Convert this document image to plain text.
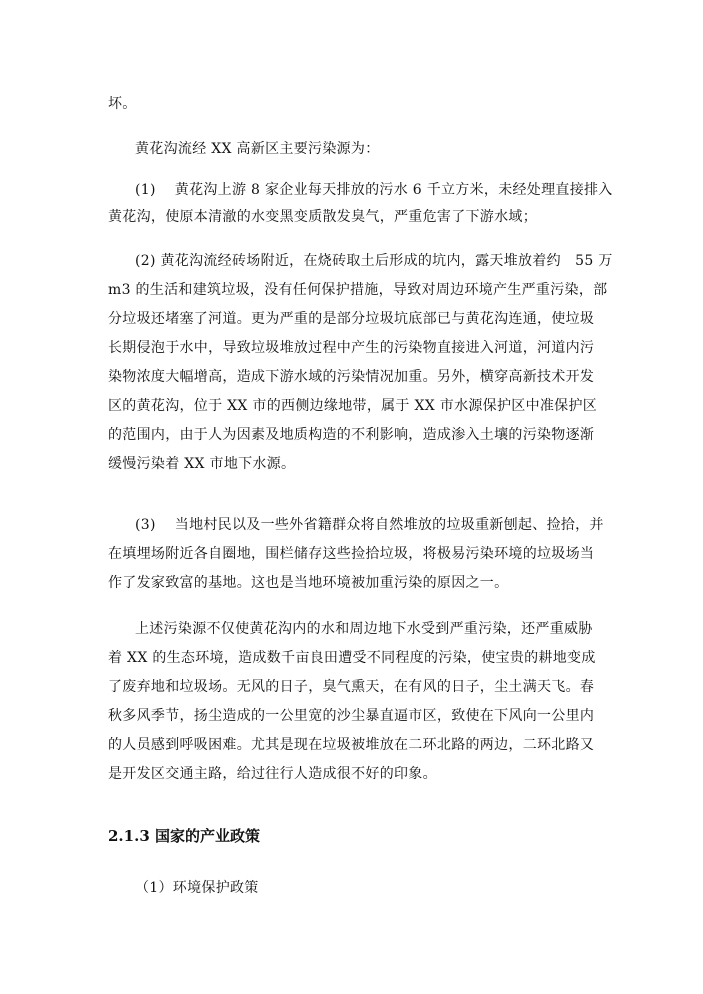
坏。
黄花沟流经 XX 高新区主要污染源为：
(1)　 黄花沟上游 8 家企业每天排放的污水 6 千立方米，未经处理直接排入
黄花沟，使原本清澈的水变黑变质散发臭气，严重危害了下游水域；
(2) 黄花沟流经砖场附近，在烧砖取土后形成的坑内，露天堆放着约　55 万
m3 的生活和建筑垃圾，没有任何保护措施，导致对周边环境产生严重污染，部
分垃圾还堵塞了河道。更为严重的是部分垃圾坑底部已与黄花沟连通，使垃圾
长期侵泡于水中，导致垃圾堆放过程中产生的污染物直接进入河道，河道内污
染物浓度大幅增高，造成下游水域的污染情况加重。另外，横穿高新技术开发
区的黄花沟，位于 XX 市的西侧边缘地带，属于 XX 市水源保护区中准保护区
的范围内，由于人为因素及地质构造的不利影响，造成渗入土壤的污染物逐渐
缓慢污染着 XX 市地下水源。
(3)　 当地村民以及一些外省籍群众将自然堆放的垃圾重新刨起、捡拾，并
在填埋场附近各自圈地，围栏储存这些捡拾垃圾，将极易污染环境的垃圾场当
作了发家致富的基地。这也是当地环境被加重污染的原因之一。
上述污染源不仅使黄花沟内的水和周边地下水受到严重污染，还严重威胁
着 XX 的生态环境，造成数千亩良田遭受不同程度的污染，使宝贵的耕地变成
了废弃地和垃圾场。无风的日子，臭气熏天，在有风的日子，尘土满天飞。春
秋多风季节，扬尘造成的一公里宽的沙尘暴直逼市区，致使在下风向一公里内
的人员感到呼吸困难。尤其是现在垃圾被堆放在二环北路的两边，二环北路又
是开发区交通主路，给过往行人造成很不好的印象。
2.1.3 国家的产业政策
（1）环境保护政策
